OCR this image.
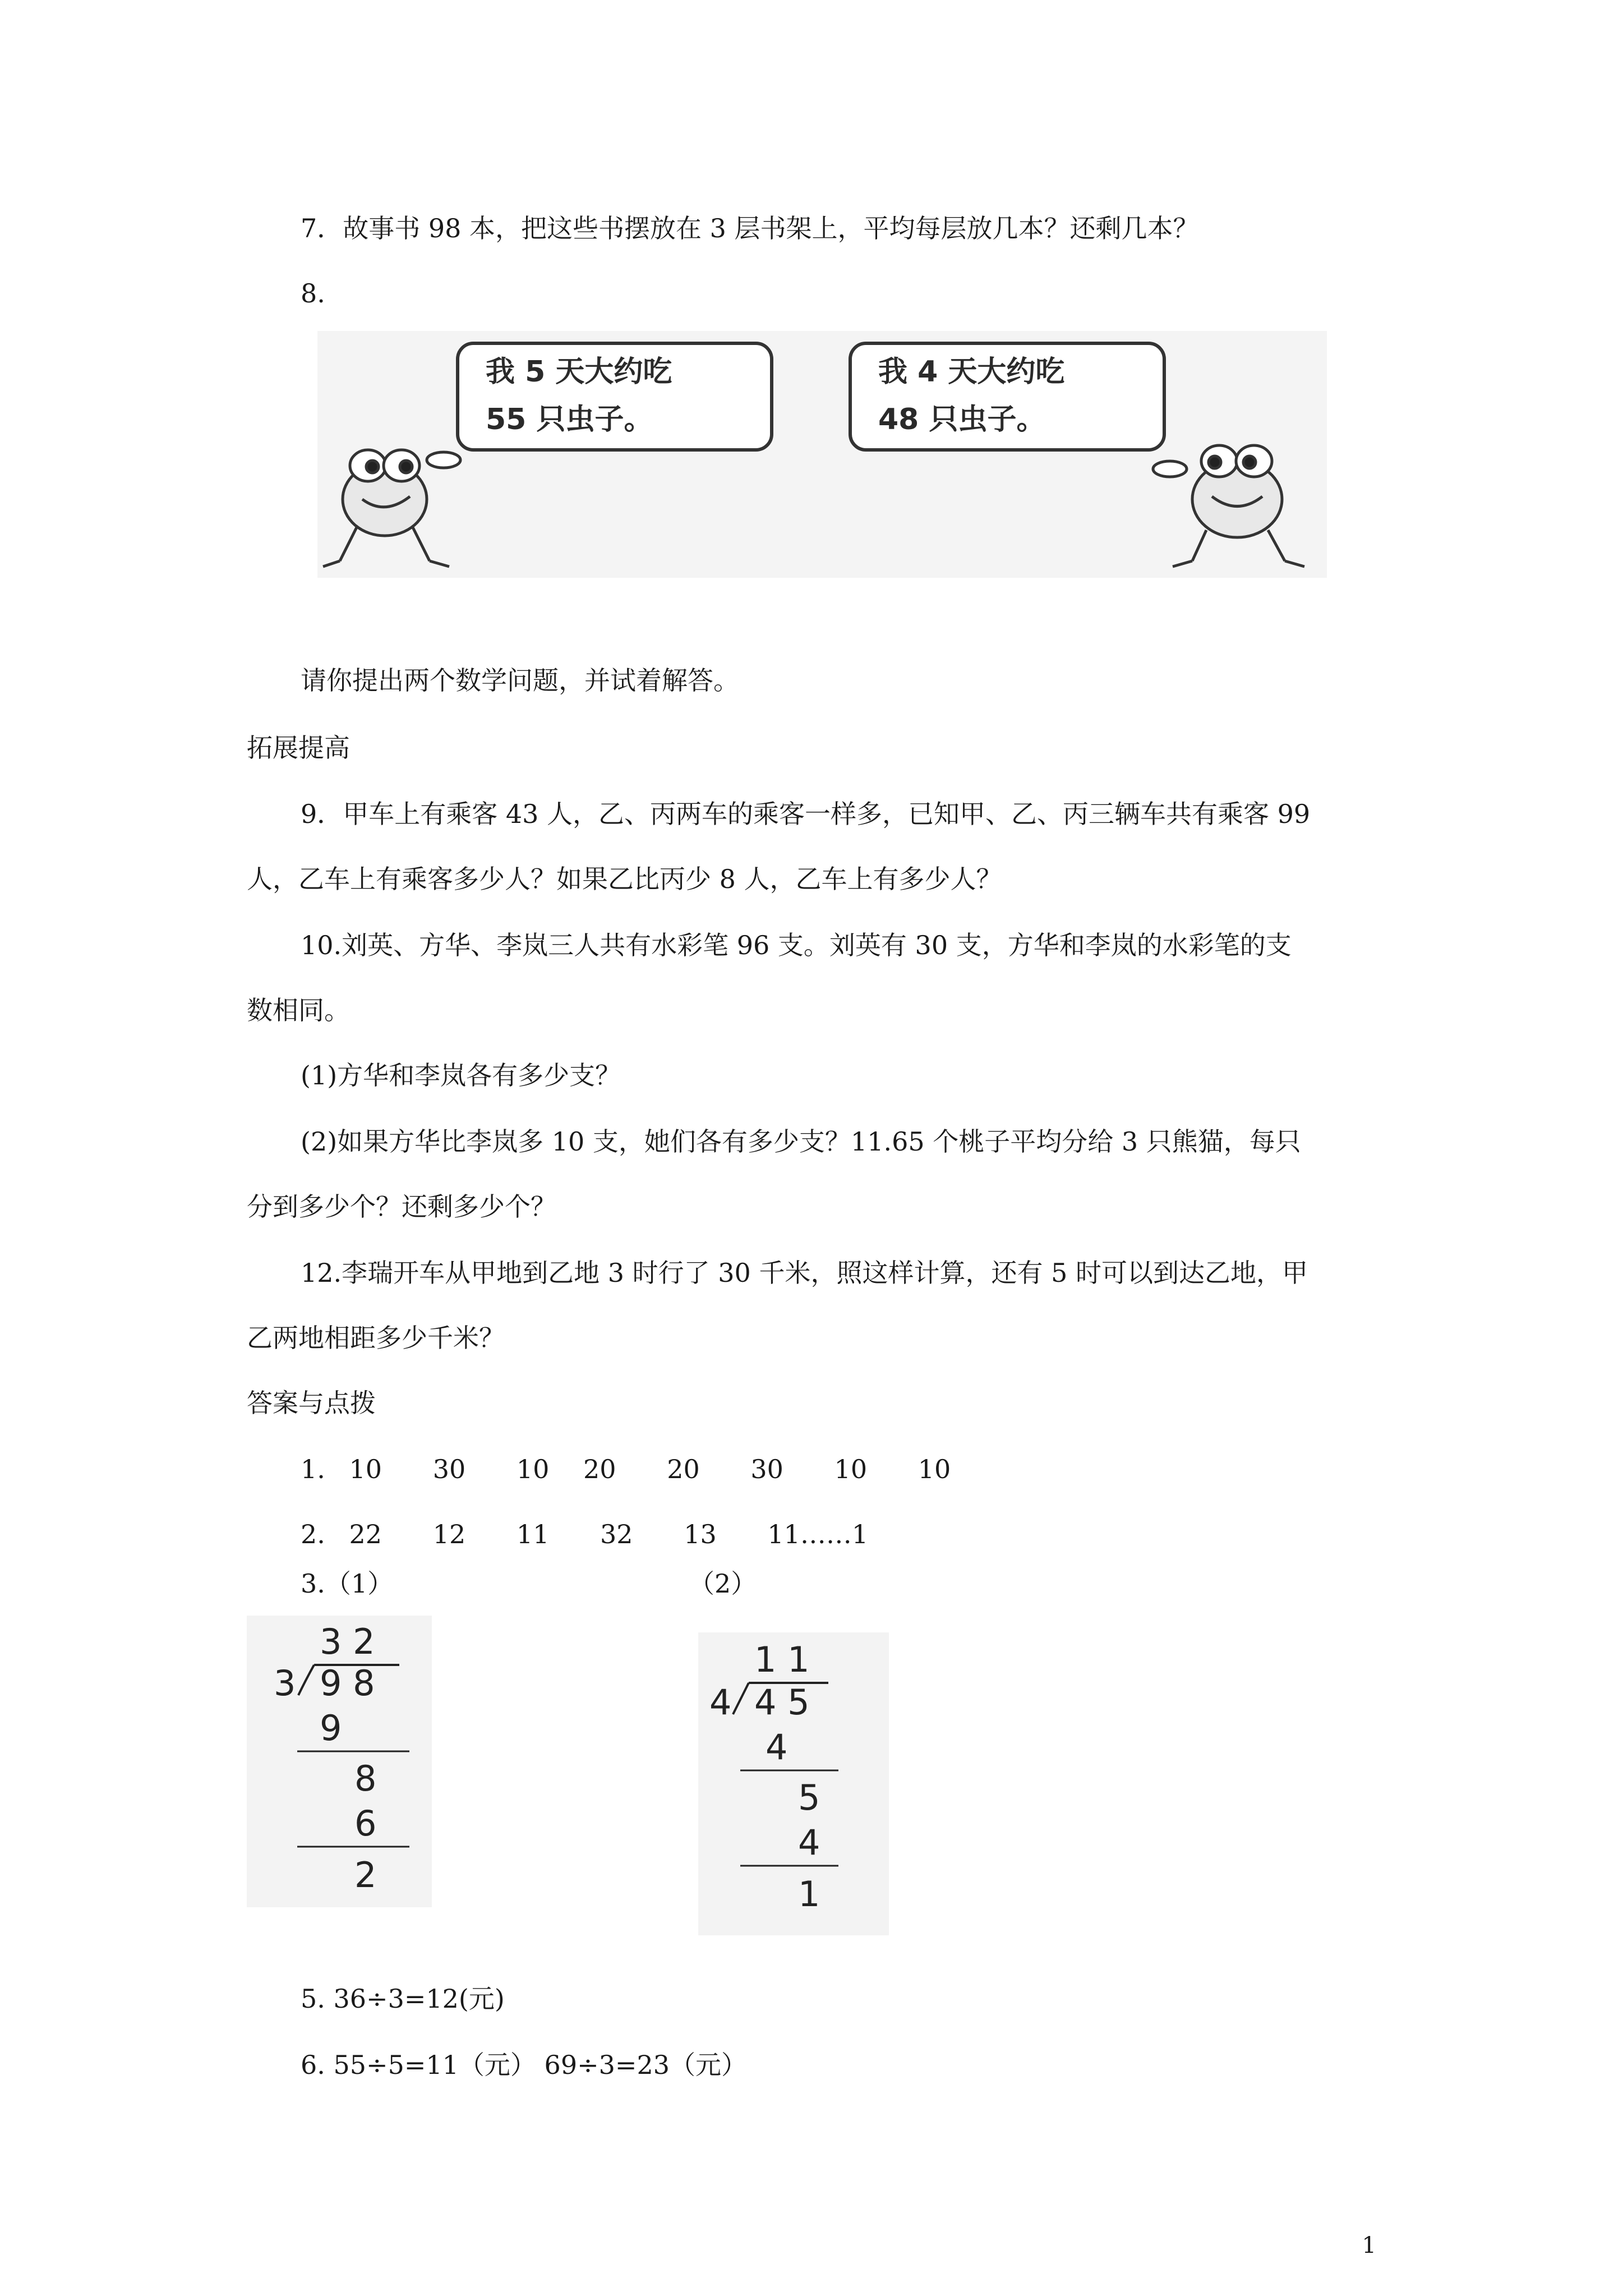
7．故事书 98 本，把这些书摆放在 3 层书架上，平均每层放几本？还剩几本？
8.
我 5 天大约吃
55 只虫子。
我 4 天大约吃
48 只虫子。
请你提出两个数学问题，并试着解答。
拓展提高
9．甲车上有乘客 43 人，乙、丙两车的乘客一样多，已知甲、乙、丙三辆车共有乘客 99
人，乙车上有乘客多少人？如果乙比丙少 8 人，乙车上有多少人？
10.刘英、方华、李岚三人共有水彩笔 96 支。刘英有 30 支，方华和李岚的水彩笔的支
数相同。
(1)方华和李岚各有多少支？
(2)如果方华比李岚多 10 支，她们各有多少支？11.65 个桃子平均分给 3 只熊猫，每只
分到多少个？还剩多少个？
12.李瑞开车从甲地到乙地 3 时行了 30 千米，照这样计算，还有 5 时可以到达乙地，甲
乙两地相距多少千米？
答案与点拨
1. 10 30 10 20 20 30 10 10
2. 22 12 11 32 13 11……1
3.（1）	（2）
3 2
3 9 8
9
8
6
2
1 1
4 4 5
4
5
4
1
5. 36÷3=12(元)
6. 55÷5=11（元） 69÷3=23（元）
1
